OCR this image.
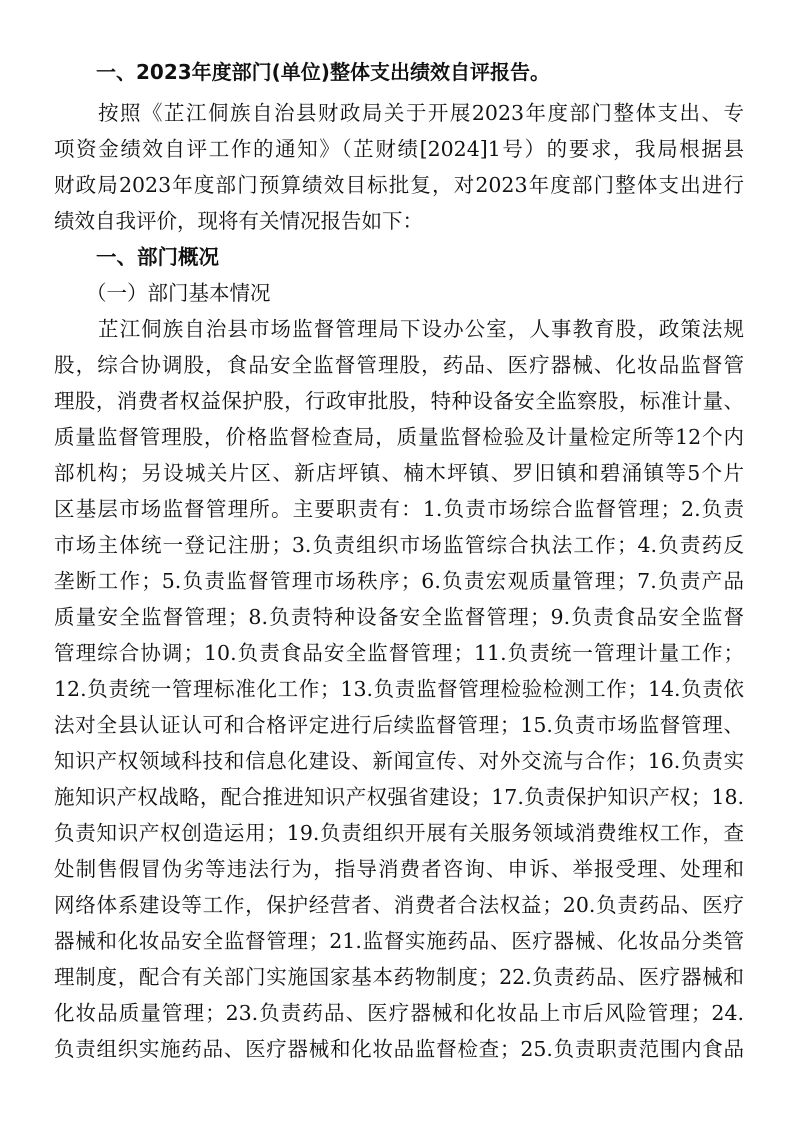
一、2023年度部门(单位)整体支出绩效自评报告。
按照《芷江侗族自治县财政局关于开展2023年度部门整体支出、专
项资金绩效自评工作的通知》（芷财绩[2024]1号）的要求，我局根据县
财政局2023年度部门预算绩效目标批复，对2023年度部门整体支出进行
绩效自我评价，现将有关情况报告如下：
一、部门概况
（一）部门基本情况
芷江侗族自治县市场监督管理局下设办公室，人事教育股，政策法规
股，综合协调股，食品安全监督管理股，药品、医疗器械、化妆品监督管
理股，消费者权益保护股，行政审批股，特种设备安全监察股，标准计量、
质量监督管理股，价格监督检查局，质量监督检验及计量检定所等12个内
部机构；另设城关片区、新店坪镇、楠木坪镇、罗旧镇和碧涌镇等5个片
区基层市场监督管理所。主要职责有：1.负责市场综合监督管理；2.负责
市场主体统一登记注册；3.负责组织市场监管综合执法工作；4.负责药反
垄断工作；5.负责监督管理市场秩序；6.负责宏观质量管理；7.负责产品
质量安全监督管理；8.负责特种设备安全监督管理；9.负责食品安全监督
管理综合协调；10.负责食品安全监督管理；11.负责统一管理计量工作；
12.负责统一管理标准化工作；13.负责监督管理检验检测工作；14.负责依
法对全县认证认可和合格评定进行后续监督管理；15.负责市场监督管理、
知识产权领域科技和信息化建设、新闻宣传、对外交流与合作；16.负责实
施知识产权战略，配合推进知识产权强省建设；17.负责保护知识产权；18.
负责知识产权创造运用；19.负责组织开展有关服务领域消费维权工作，查
处制售假冒伪劣等违法行为，指导消费者咨询、申诉、举报受理、处理和
网络体系建设等工作，保护经营者、消费者合法权益；20.负责药品、医疗
器械和化妆品安全监督管理；21.监督实施药品、医疗器械、化妆品分类管
理制度，配合有关部门实施国家基本药物制度；22.负责药品、医疗器械和
化妆品质量管理；23.负责药品、医疗器械和化妆品上市后风险管理；24.
负责组织实施药品、医疗器械和化妆品监督检查；25.负责职责范围内食品
